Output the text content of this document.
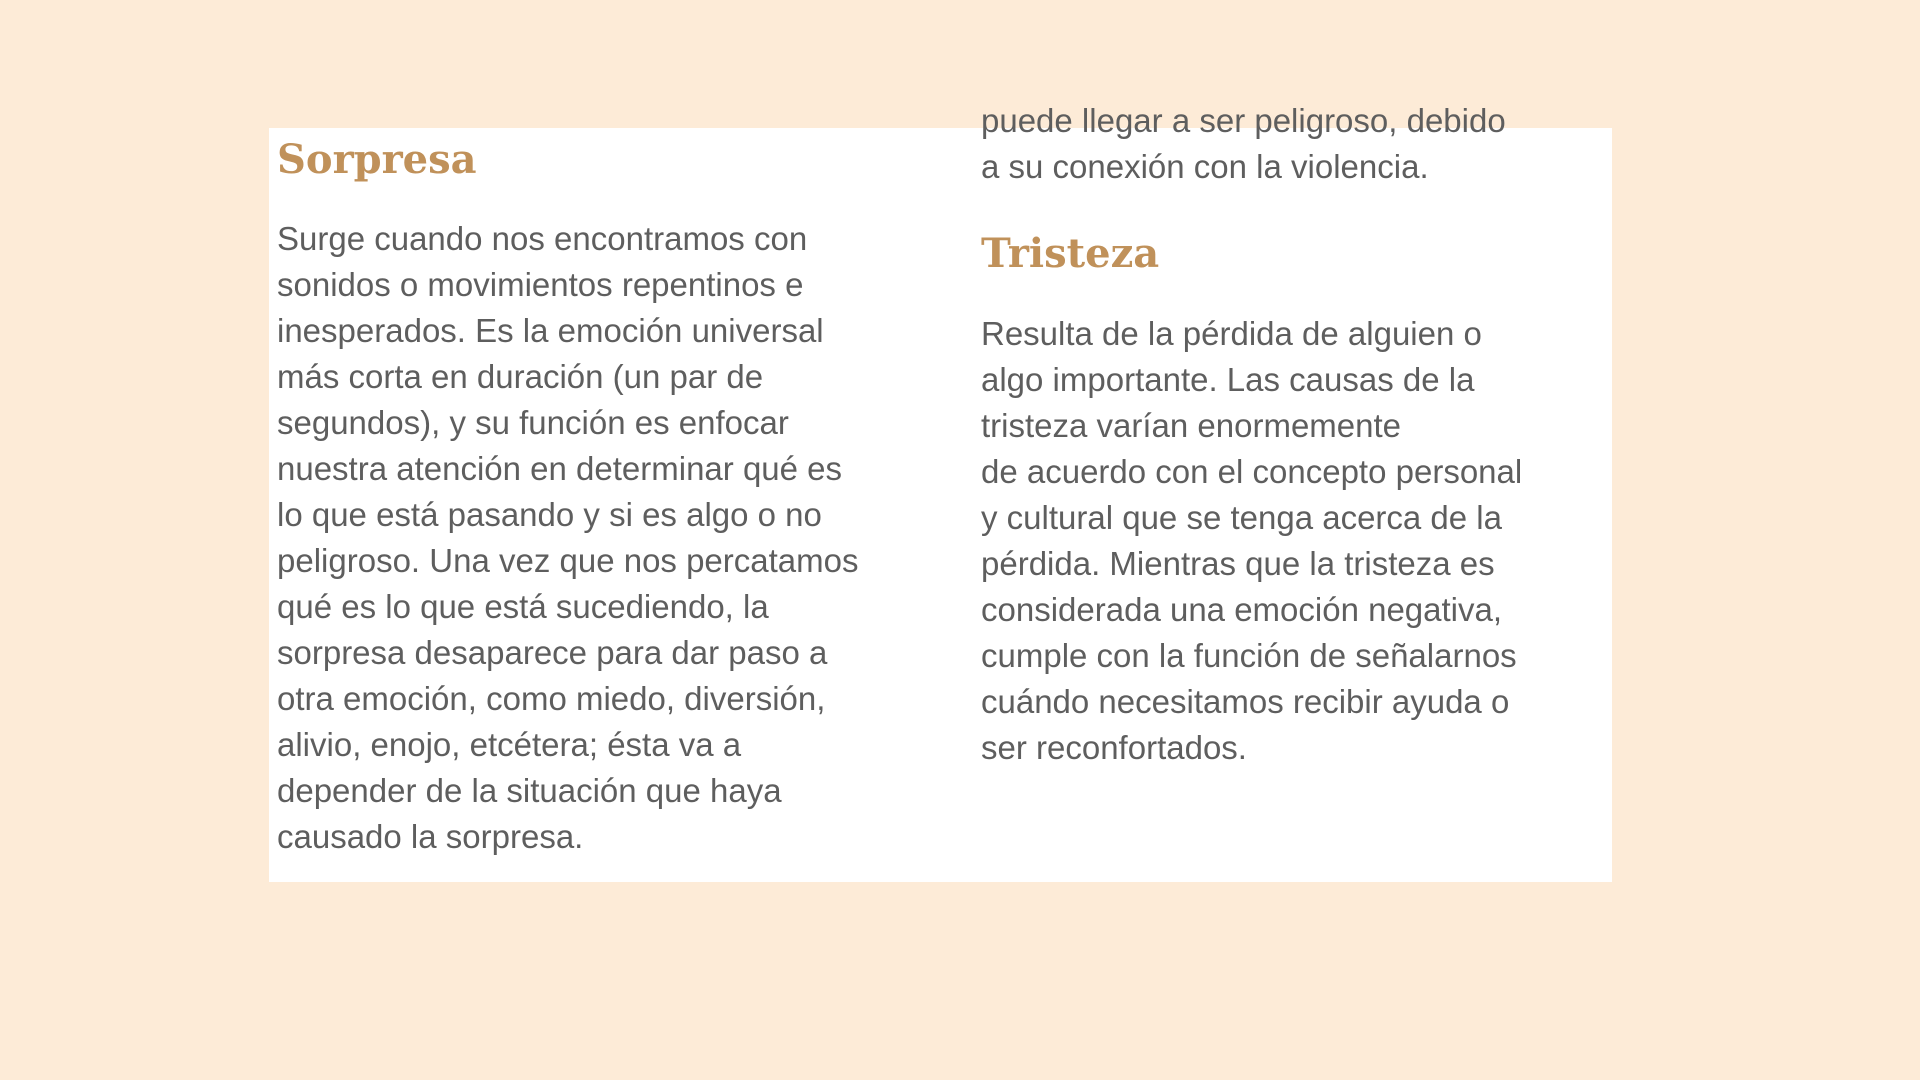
Sorpresa
Surge cuando nos encontramos con
sonidos o movimientos repentinos e
inesperados. Es la emoción universal
más corta en duración (un par de
segundos), y su función es enfocar
nuestra atención en determinar qué es
lo que está pasando y si es algo o no
peligroso. Una vez que nos percatamos
qué es lo que está sucediendo, la
sorpresa desaparece para dar paso a
otra emoción, como miedo, diversión,
alivio, enojo, etcétera; ésta va a
depender de la situación que haya
causado la sorpresa.
puede llegar a ser peligroso, debido
a su conexión con la violencia.
Tristeza
Resulta de la pérdida de alguien o
algo importante. Las causas de la
tristeza varían enormemente
de acuerdo con el concepto personal
y cultural que se tenga acerca de la
pérdida. Mientras que la tristeza es
considerada una emoción negativa,
cumple con la función de señalarnos
cuándo necesitamos recibir ayuda o
ser reconfortados.
